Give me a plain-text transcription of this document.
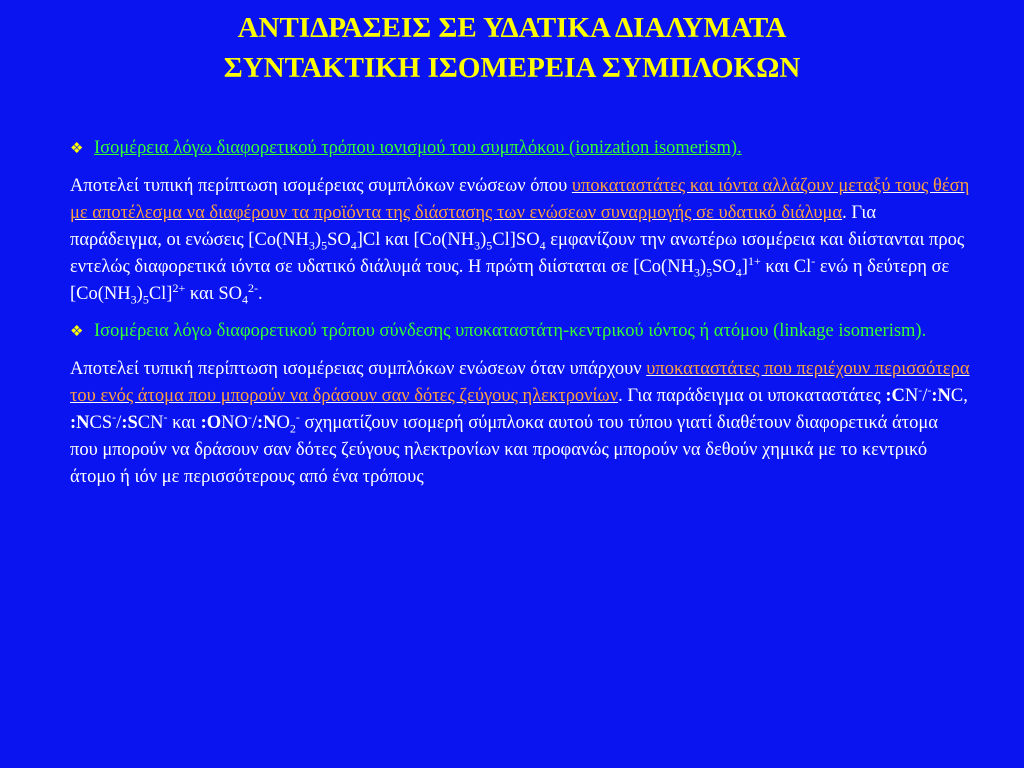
ΑΝΤΙΔΡΑΣΕΙΣ ΣΕ ΥΔΑΤΙΚΑ ΔΙΑΛΥΜΑΤΑ
ΣΥΝΤΑΚΤΙΚΗ ΙΣΟΜΕΡΕΙΑ ΣΥΜΠΛΟΚΩΝ

❖ Ισομέρεια λόγω διαφορετικού τρόπου ιονισμού του συμπλόκου (ionization isomerism).

Αποτελεί τυπική περίπτωση ισομέρειας συμπλόκων ενώσεων όπου υποκαταστάτες και ιόντα αλλάζουν μεταξύ τους θέση με αποτέλεσμα να διαφέρουν τα προϊόντα της διάστασης των ενώσεων συναρμογής σε υδατικό διάλυμα. Για παράδειγμα, οι ενώσεις $[Co(NH_3)_5SO_4]Cl$ και $[Co(NH_3)_5Cl]SO_4$ εμφανίζουν την ανωτέρω ισομέρεια και διίστανται προς εντελώς διαφορετικά ιόντα σε υδατικό διάλυμά τους. Η πρώτη διίσταται σε $[Co(NH_3)_5SO_4]^{1+}$ και Cl- ενώ η δεύτερη σε $[Co(NH_3)_5Cl]^{2+}$ και $SO_4^{2-}$.

❖ Ισομέρεια λόγω διαφορετικού τρόπου σύνδεσης υποκαταστάτη-κεντρικού ιόντος ή ατόμου (linkage isomerism).

Αποτελεί τυπική περίπτωση ισομέρειας συμπλόκων ενώσεων όταν υπάρχουν υποκαταστάτες που περιέχουν περισσότερα του ενός άτομα που μπορούν να δράσουν σαν δότες ζεύγους ηλεκτρονίων. Για παράδειγμα οι υποκαταστάτες :CN-/-:NC, :NCS-/:SCN- και $:ONO^-/:NO_2^-$ σχηματίζουν ισομερή σύμπλοκα αυτού του τύπου γιατί διαθέτουν διαφορετικά άτομα που μπορούν να δράσουν σαν δότες ζεύγους ηλεκτρονίων και προφανώς μπορούν να δεθούν χημικά με το κεντρικό άτομο ή ιόν με περισσότερους από ένα τρόπους
